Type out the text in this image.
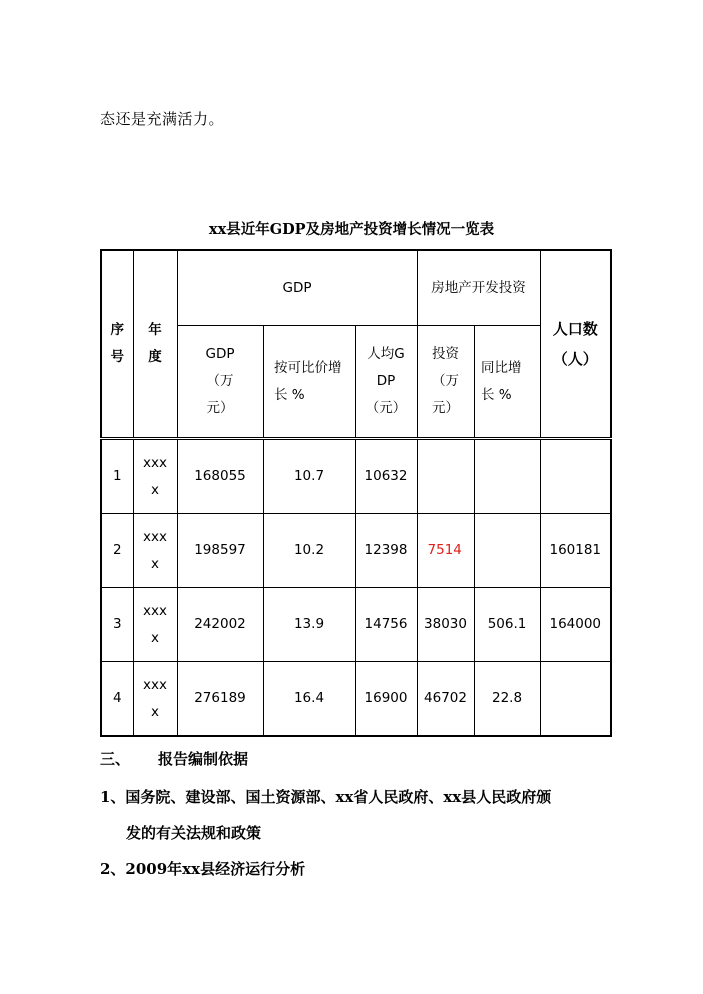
态还是充满活力。
xx县近年GDP及房地产投资增长情况一览表
序号	年度	GDP			房地产开发投资		人口数（人）
		GDP（万元）	按可比价增长 %	人均GDP（元）	投资（万元）	同比增长 %	
1	xxxx	168055	10.7	10632			
2	xxxx	198597	10.2	12398	7514		160181
3	xxxx	242002	13.9	14756	38030	506.1	164000
4	xxxx	276189	16.4	16900	46702	22.8	
三、 报告编制依据
1、国务院、建设部、国土资源部、xx省人民政府、xx县人民政府颁
发的有关法规和政策
2、2009年xx县经济运行分析
